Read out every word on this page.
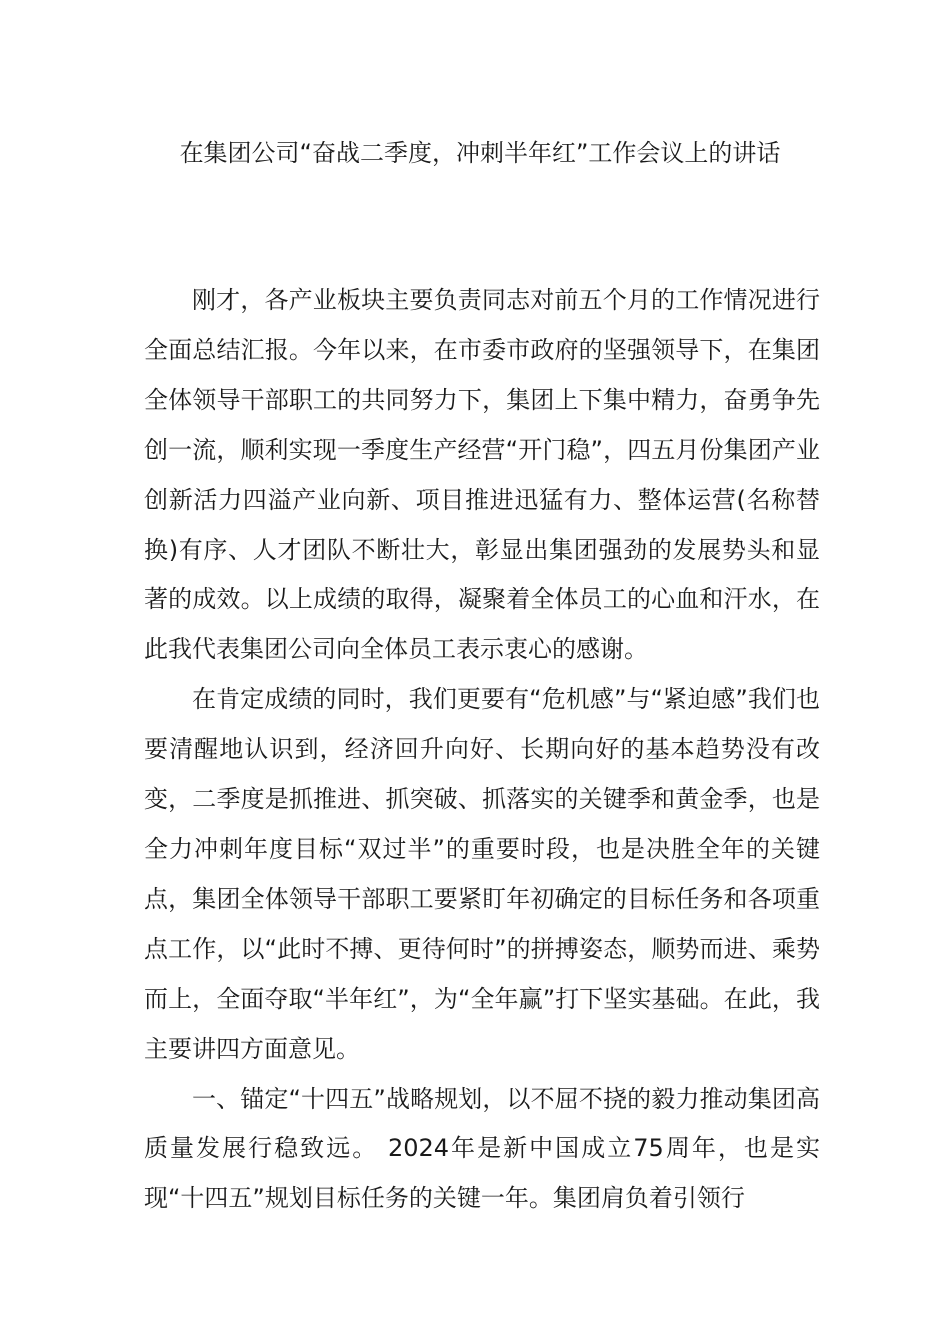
在集团公司“奋战二季度，冲刺半年红”工作会议上的讲话

刚才，各产业板块主要负责同志对前五个月的工作情况进行全面总结汇报。今年以来，在市委市政府的坚强领导下，在集团全体领导干部职工的共同努力下，集团上下集中精力，奋勇争先创一流，顺利实现一季度生产经营“开门稳”，四五月份集团产业创新活力四溢产业向新、项目推进迅猛有力、整体运营(名称替换)有序、人才团队不断壮大，彰显出集团强劲的发展势头和显著的成效。以上成绩的取得，凝聚着全体员工的心血和汗水，在此我代表集团公司向全体员工表示衷心的感谢。

在肯定成绩的同时，我们更要有“危机感”与“紧迫感”我们也要清醒地认识到，经济回升向好、长期向好的基本趋势没有改变，二季度是抓推进、抓突破、抓落实的关键季和黄金季，也是全力冲刺年度目标“双过半”的重要时段，也是决胜全年的关键点，集团全体领导干部职工要紧盯年初确定的目标任务和各项重点工作，以“此时不搏、更待何时”的拼搏姿态，顺势而进、乘势而上，全面夺取“半年红”，为“全年赢”打下坚实基础。在此，我主要讲四方面意见。

一、锚定“十四五”战略规划，以不屈不挠的毅力推动集团高质量发展行稳致远。 2024年是新中国成立75周年，也是实现“十四五”规划目标任务的关键一年。集团肩负着引领行
